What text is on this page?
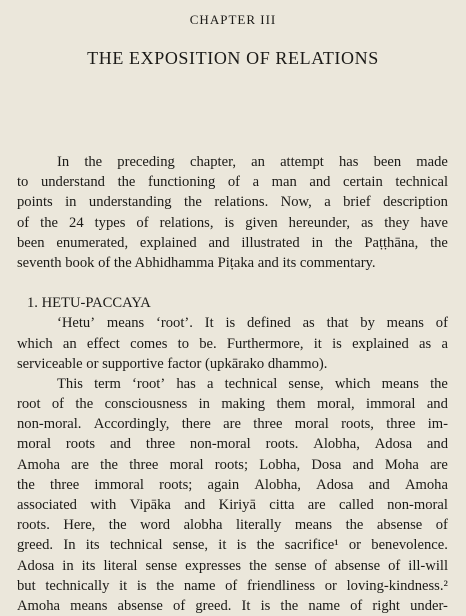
CHAPTER III
THE EXPOSITION OF RELATIONS
In the preceding chapter, an attempt has been made
to understand the functioning of a man and certain technical
points in understanding the relations. Now, a brief description
of the 24 types of relations, is given hereunder, as they have
been enumerated, explained and illustrated in the Paṭṭhāna, the
seventh book of the Abhidhamma Piṭaka and its commentary.
1. HETU-PACCAYA
‘Hetu’ means ‘root’. It is defined as that by means of
which an effect comes to be. Furthermore, it is explained as a
serviceable or supportive factor (upkārako dhammo).
This term ‘root’ has a technical sense, which means the
root of the consciousness in making them moral, immoral and
non-moral. Accordingly, there are three moral roots, three im-
moral roots and three non-moral roots. Alobha, Adosa and
Amoha are the three moral roots; Lobha, Dosa and Moha are
the three immoral roots; again Alobha, Adosa and Amoha
associated with Vipāka and Kiriyā citta are called non-moral
roots. Here, the word alobha literally means the absense of
greed. In its technical sense, it is the sacrifice¹ or benevolence.
Adosa in its literal sense expresses the sense of absense of ill-will
but technically it is the name of friendliness or loving-kindness.²
Amoha means absense of greed. It is the name of right under-
